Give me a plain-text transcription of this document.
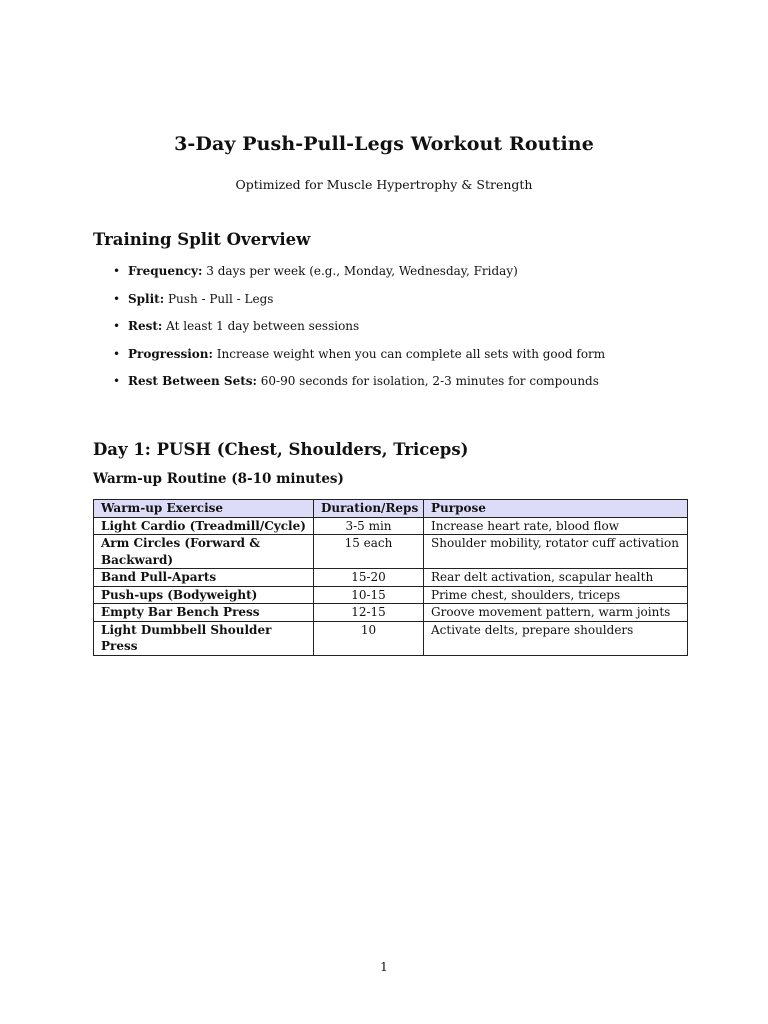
3-Day Push-Pull-Legs Workout Routine
Optimized for Muscle Hypertrophy & Strength
Training Split Overview
• Frequency: 3 days per week (e.g., Monday, Wednesday, Friday)
• Split: Push - Pull - Legs
• Rest: At least 1 day between sessions
• Progression: Increase weight when you can complete all sets with good form
• Rest Between Sets: 60-90 seconds for isolation, 2-3 minutes for compounds
Day 1: PUSH (Chest, Shoulders, Triceps)
Warm-up Routine (8-10 minutes)
Warm-up Exercise	Duration/Reps	Purpose
Light Cardio (Treadmill/Cycle)	3-5 min	Increase heart rate, blood flow
Arm Circles (Forward & Backward)	15 each	Shoulder mobility, rotator cuff activation
Band Pull-Aparts	15-20	Rear delt activation, scapular health
Push-ups (Bodyweight)	10-15	Prime chest, shoulders, triceps
Empty Bar Bench Press	12-15	Groove movement pattern, warm joints
Light Dumbbell Shoulder Press	10	Activate delts, prepare shoulders
1
